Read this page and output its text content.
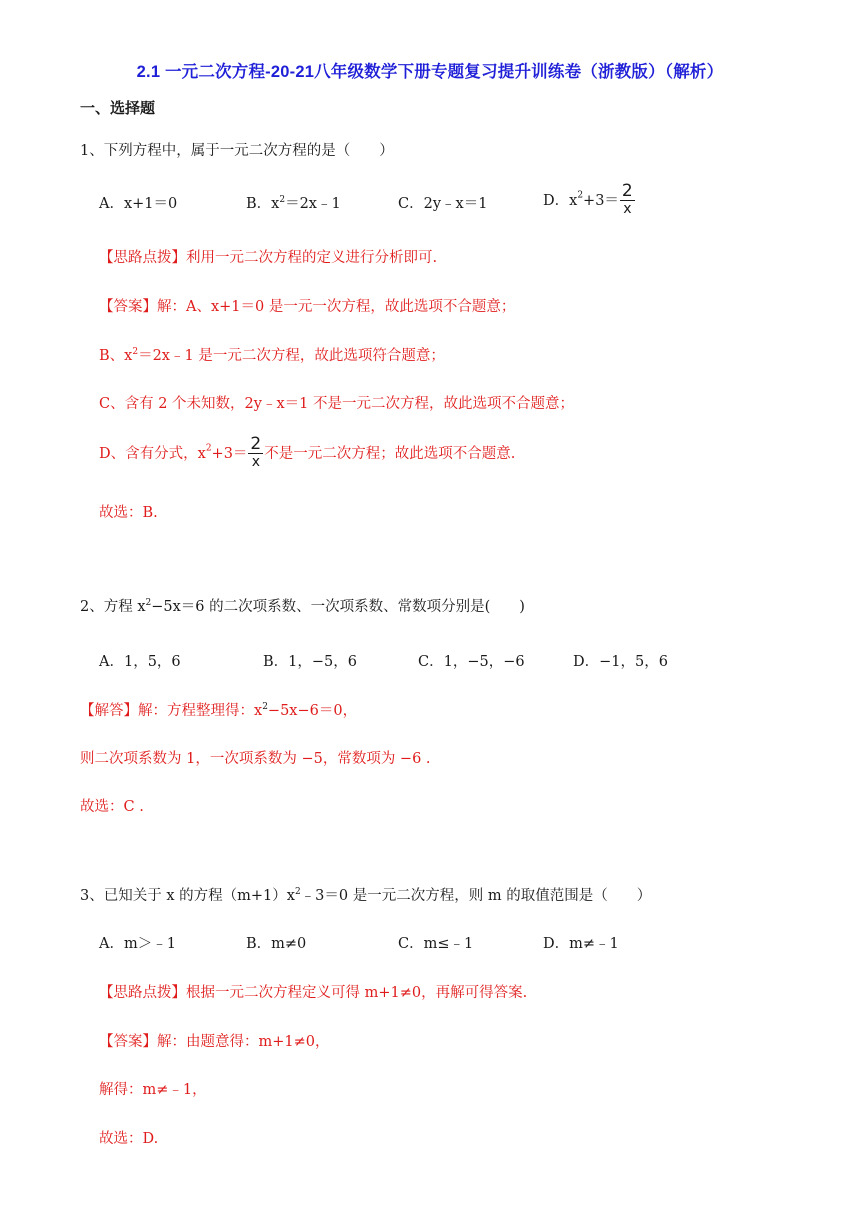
2.1 一元二次方程-20-21八年级数学下册专题复习提升训练卷（浙教版）（解析）
一、选择题
1、下列方程中，属于一元二次方程的是（　　）
A．x+1＝0	B．$x^2=2x﹣1$	C．2y﹣x＝1	D．$x^2+3= \frac{2}{x}$
【思路点拨】利用一元二次方程的定义进行分析即可.
【答案】解：A、x+1＝0 是一元一次方程，故此选项不合题意；
B、$x^2=2x﹣1$ 是一元二次方程，故此选项符合题意；
C、含有 2 个未知数，2y﹣x＝1 不是一元二次方程，故此选项不合题意；
D、含有分式，$x^2+3= \frac{2}{x}$ 不是一元二次方程；故此选项不合题意.
故选：B.
2、方程 $x^2-5x=6$ 的二次项系数、一次项系数、常数项分别是(　　)
A．1，5，6	B．1，−5，6	C．1，−5，−6	D．−1，5，6
【解答】解：方程整理得：$x^2-5x-6=0$，
则二次项系数为 1，一次项系数为 −5，常数项为 −6 .
故选：C .
3、已知关于 x 的方程$(m+1)x^2﹣3=0$ 是一元二次方程，则 m 的取值范围是（　　）
A．m＞﹣1	B．m≠0	C．m≤﹣1	D．m≠﹣1
【思路点拨】根据一元二次方程定义可得 m+1≠0，再解可得答案.
【答案】解：由题意得：m+1≠0，
解得：m≠﹣1，
故选：D.
